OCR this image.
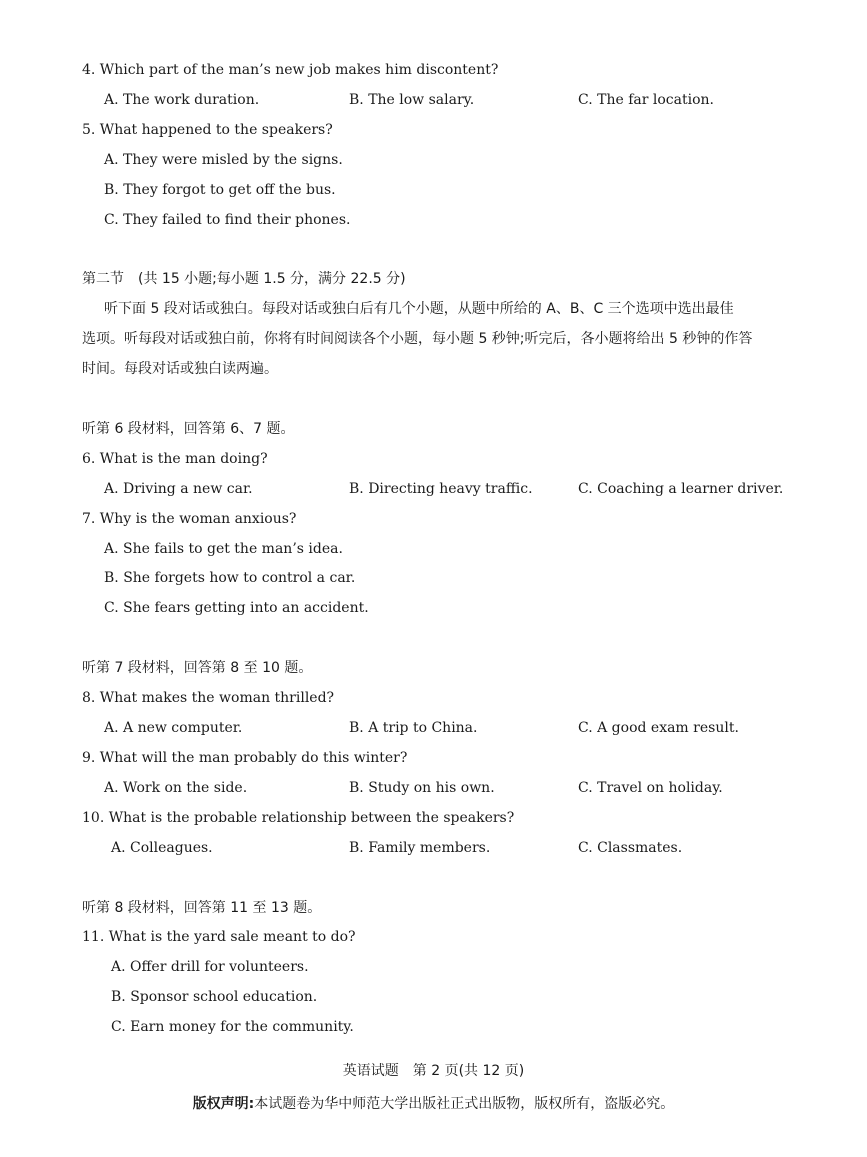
4. Which part of the man’s new job makes him discontent?
A. The work duration.	B. The low salary.	C. The far location.
5. What happened to the speakers?
A. They were misled by the signs.
B. They forgot to get off the bus.
C. They failed to find their phones.
第二节　(共 15 小题;每小题 1.5 分，满分 22.5 分)
听下面 5 段对话或独白。每段对话或独白后有几个小题，从题中所给的 A、B、C 三个选项中选出最佳
选项。听每段对话或独白前，你将有时间阅读各个小题，每小题 5 秒钟;听完后，各小题将给出 5 秒钟的作答
时间。每段对话或独白读两遍。
听第 6 段材料，回答第 6、7 题。
6. What is the man doing?
A. Driving a new car.	B. Directing heavy traffic.	C. Coaching a learner driver.
7. Why is the woman anxious?
A. She fails to get the man’s idea.
B. She forgets how to control a car.
C. She fears getting into an accident.
听第 7 段材料，回答第 8 至 10 题。
8. What makes the woman thrilled?
A. A new computer.	B. A trip to China.	C. A good exam result.
9. What will the man probably do this winter?
A. Work on the side.	B. Study on his own.	C. Travel on holiday.
10. What is the probable relationship between the speakers?
A. Colleagues.	B. Family members.	C. Classmates.
听第 8 段材料，回答第 11 至 13 题。
11. What is the yard sale meant to do?
A. Offer drill for volunteers.
B. Sponsor school education.
C. Earn money for the community.
英语试题　第 2 页(共 12 页)
版权声明:本试题卷为华中师范大学出版社正式出版物，版权所有，盗版必究。
